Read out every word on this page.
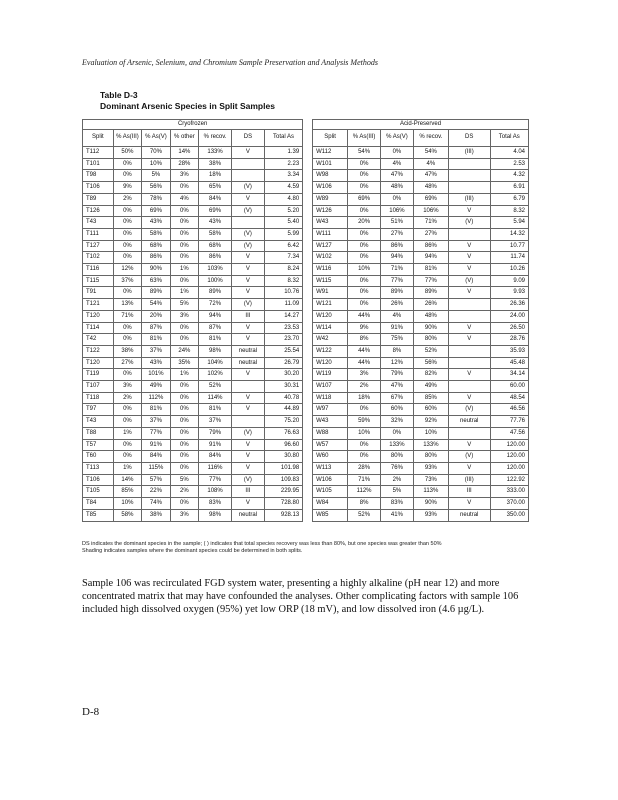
Evaluation of Arsenic, Selenium, and Chromium Sample Preservation and Analysis Methods
Table D-3
Dominant Arsenic Species in Split Samples
Cryofrozen								Acid-Preserved					
Split	% As(III)	% As(V)	% other	% recov.	DS	Total As		Split	% As(III)	% As(V)	% recov.	DS	Total As
T112	50%	70%	14%	133%	V	1.39		W112	54%	0%	54%	(III)	4.04
T101	0%	10%	28%	38%		2.23		W101	0%	4%	4%		2.53
T98	0%	5%	3%	18%		3.34		W98	0%	47%	47%		4.32
T106	9%	56%	0%	65%	(V)	4.59		W106	0%	48%	48%		6.91
T89	2%	78%	4%	84%	V	4.80		W89	69%	0%	69%	(III)	6.79
T126	0%	69%	0%	69%	(V)	5.20		W126	0%	106%	106%	V	8.32
T43	0%	43%	0%	43%		5.40		W43	20%	51%	71%	(V)	5.94
T111	0%	58%	0%	58%	(V)	5.99		W111	0%	27%	27%		14.32
T127	0%	68%	0%	68%	(V)	6.42		W127	0%	86%	86%	V	10.77
T102	0%	86%	0%	86%	V	7.34		W102	0%	94%	94%	V	11.74
T116	12%	90%	1%	103%	V	8.24		W116	10%	71%	81%	V	10.26
T115	37%	63%	0%	100%	V	8.32		W115	0%	77%	77%	(V)	9.09
T91	0%	89%	1%	89%	V	10.76		W91	0%	89%	89%	V	9.93
T121	13%	54%	5%	72%	(V)	11.09		W121	0%	26%	26%		26.36
T120	71%	20%	3%	94%	III	14.27		W120	44%	4%	48%		24.00
T114	0%	87%	0%	87%	V	23.53		W114	9%	91%	90%	V	26.50
T42	0%	81%	0%	81%	V	23.70		W42	8%	75%	80%	V	28.76
T122	38%	37%	24%	98%	neutral	25.54		W122	44%	8%	52%		35.93
T120	27%	43%	35%	104%	neutral	26.79		W120	44%	12%	56%		45.48
T119	0%	101%	1%	102%	V	30.20		W119	3%	79%	82%	V	34.14
T107	3%	49%	0%	52%		30.31		W107	2%	47%	49%		60.00
T118	2%	112%	0%	114%	V	40.78		W118	18%	67%	85%	V	48.54
T97	0%	81%	0%	81%	V	44.89		W97	0%	60%	60%	(V)	46.56
T43	0%	37%	0%	37%		75.20		W43	59%	32%	92%	neutral	77.76
T88	1%	77%	0%	79%	(V)	76.63		W88	10%	0%	10%		47.56
T57	0%	91%	0%	91%	V	96.60		W57	0%	133%	133%	V	120.00
T60	0%	84%	0%	84%	V	30.80		W60	0%	80%	80%	(V)	120.00
T113	1%	115%	0%	116%	V	101.98		W113	28%	76%	93%	V	120.00
T106	14%	57%	5%	77%	(V)	109.83		W106	71%	2%	73%	(III)	122.92
T105	85%	22%	2%	108%	III	229.95		W105	112%	5%	113%	III	333.00
T84	10%	74%	0%	83%	V	728.80		W84	8%	83%	90%	V	370.00
T85	58%	38%	3%	98%	neutral	928.13		W85	52%	41%	93%	neutral	350.00
DS indicates the dominant species in the sample; ( ) indicates that total species recovery was less than 80%, but one species was greater than 50%
Shading indicates samples where the dominant species could be determined in both splits.
Sample 106 was recirculated FGD system water, presenting a highly alkaline (pH near 12) and more concentrated matrix that may have confounded the analyses. Other complicating factors with sample 106 included high dissolved oxygen (95%) yet low ORP (18 mV), and low dissolved iron (4.6 µg/L).
D-8
